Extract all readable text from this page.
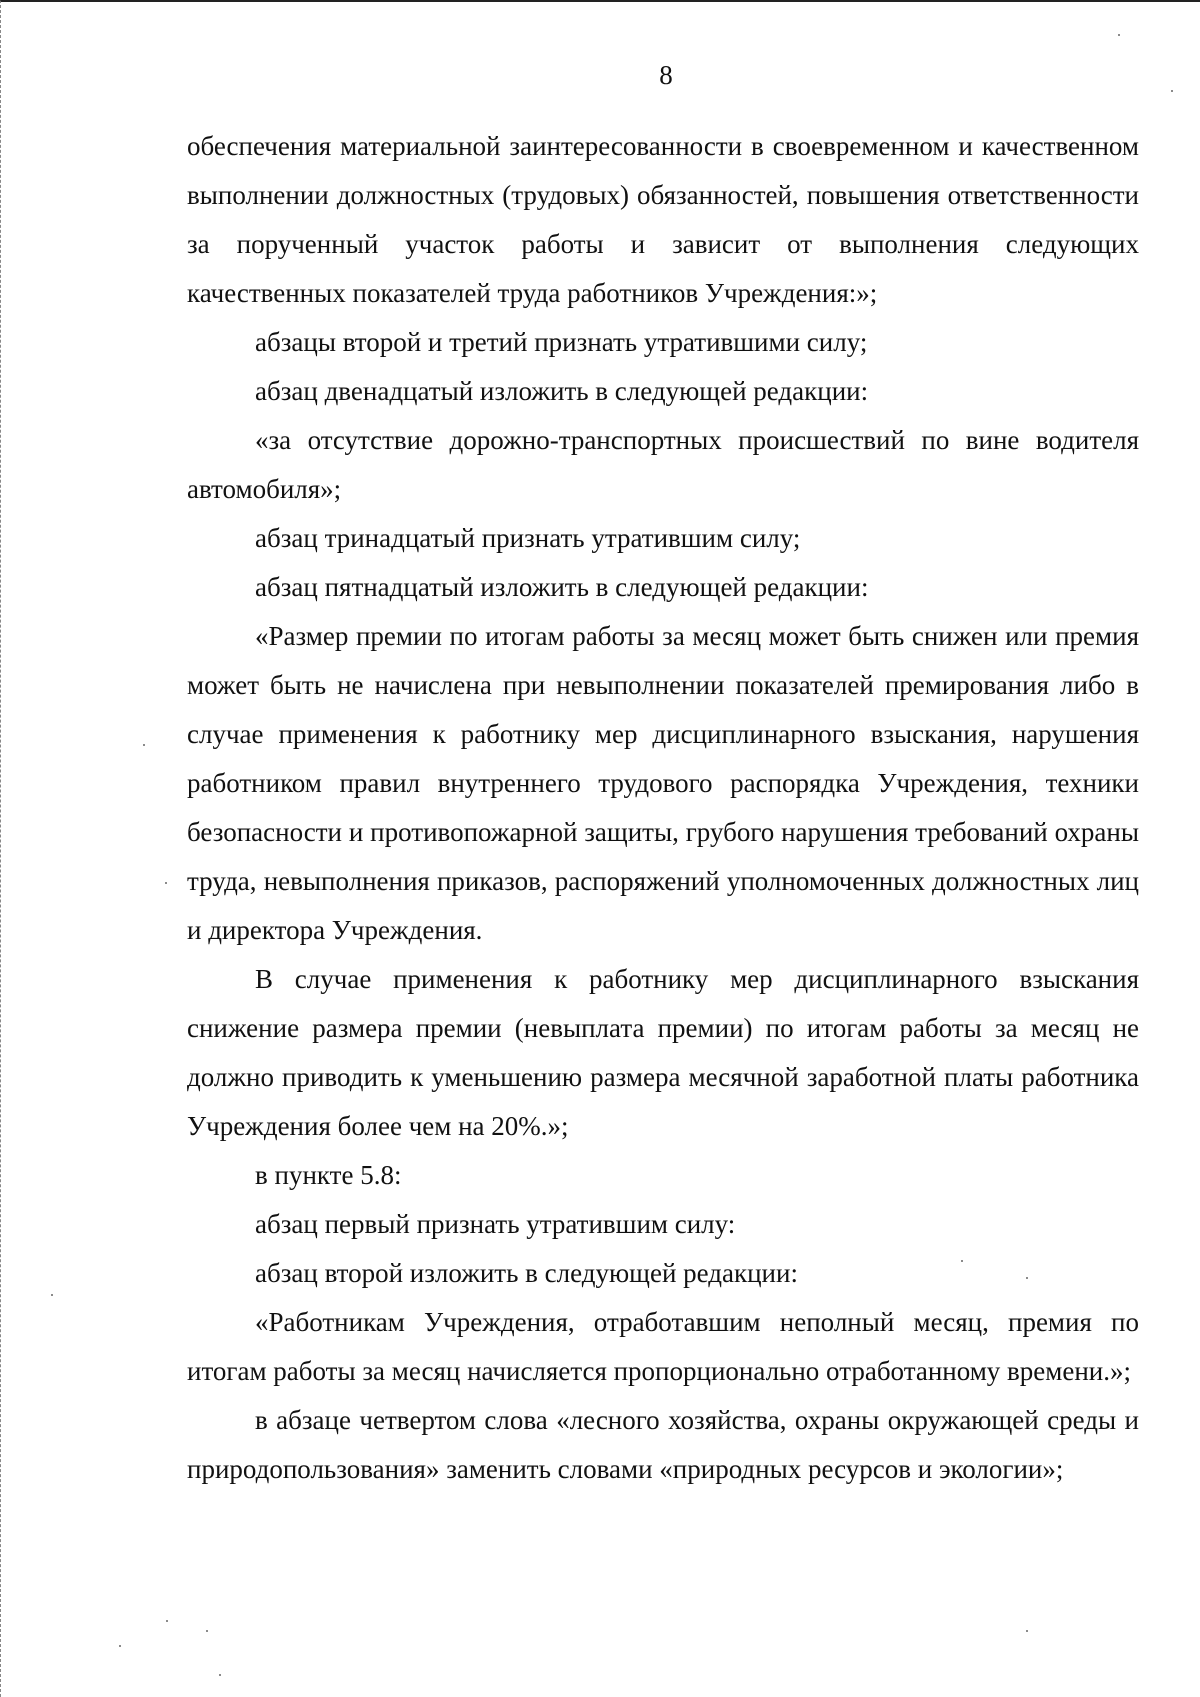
8

обеспечения материальной заинтересованности в своевременном и качественном выполнении должностных (трудовых) обязанностей, повышения ответственности за порученный участок работы и зависит от выполнения следующих качественных показателей труда работников Учреждения:»;

абзацы второй и третий признать утратившими силу;

абзац двенадцатый изложить в следующей редакции:

«за отсутствие дорожно-транспортных происшествий по вине водителя автомобиля»;

абзац тринадцатый признать утратившим силу;

абзац пятнадцатый изложить в следующей редакции:

«Размер премии по итогам работы за месяц может быть снижен или премия может быть не начислена при невыполнении показателей премирования либо в случае применения к работнику мер дисциплинарного взыскания, нарушения работником правил внутреннего трудового распорядка Учреждения, техники безопасности и противопожарной защиты, грубого нарушения требований охраны труда, невыполнения приказов, распоряжений уполномоченных должностных лиц и директора Учреждения.

В случае применения к работнику мер дисциплинарного взыскания снижение размера премии (невыплата премии) по итогам работы за месяц не должно приводить к уменьшению размера месячной заработной платы работника Учреждения более чем на 20%.»;

в пункте 5.8:

абзац первый признать утратившим силу:

абзац второй изложить в следующей редакции:

«Работникам Учреждения, отработавшим неполный месяц, премия по итогам работы за месяц начисляется пропорционально отработанному времени.»;

в абзаце четвертом слова «лесного хозяйства, охраны окружающей среды и природопользования» заменить словами «природных ресурсов и экологии»;
